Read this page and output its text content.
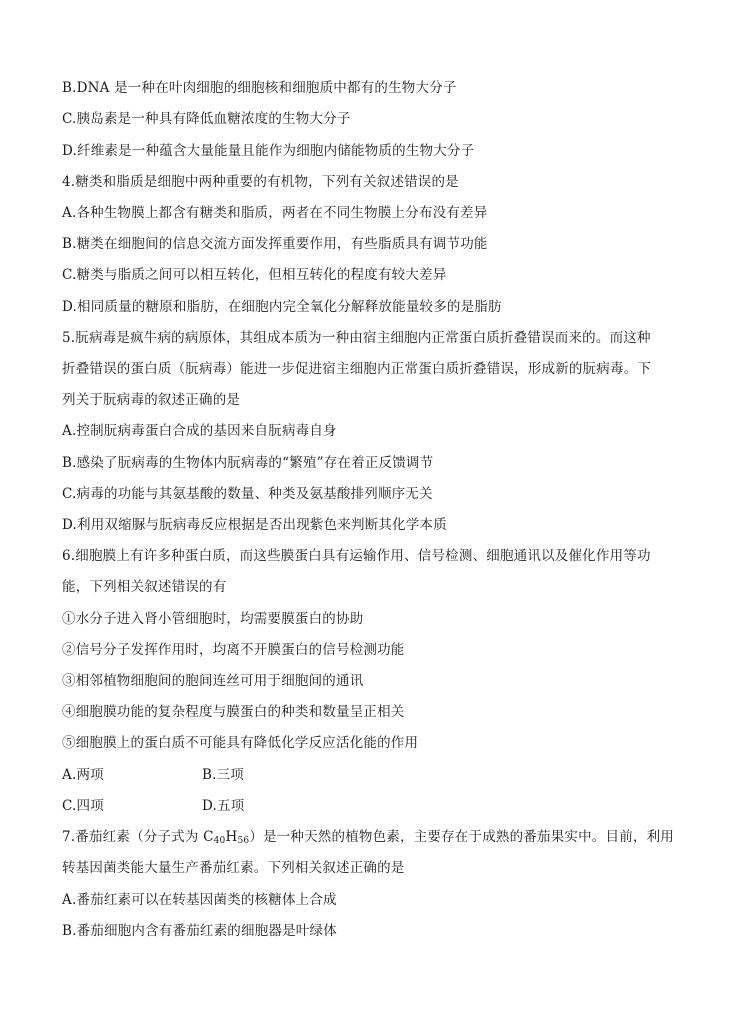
B.DNA 是一种在叶肉细胞的细胞核和细胞质中都有的生物大分子
C.胰岛素是一种具有降低血糖浓度的生物大分子
D.纤维素是一种蕴含大量能量且能作为细胞内储能物质的生物大分子
4.糖类和脂质是细胞中两种重要的有机物，下列有关叙述错误的是
A.各种生物膜上都含有糖类和脂质，两者在不同生物膜上分布没有差异
B.糖类在细胞间的信息交流方面发挥重要作用，有些脂质具有调节功能
C.糖类与脂质之间可以相互转化，但相互转化的程度有较大差异
D.相同质量的糖原和脂肪，在细胞内完全氧化分解释放能量较多的是脂肪
5.朊病毒是疯牛病的病原体，其组成本质为一种由宿主细胞内正常蛋白质折叠错误而来的。而这种
折叠错误的蛋白质（朊病毒）能进一步促进宿主细胞内正常蛋白质折叠错误，形成新的朊病毒。下
列关于朊病毒的叙述正确的是
A.控制朊病毒蛋白合成的基因来自朊病毒自身
B.感染了朊病毒的生物体内朊病毒的“繁殖”存在着正反馈调节
C.病毒的功能与其氨基酸的数量、种类及氨基酸排列顺序无关
D.利用双缩脲与朊病毒反应根据是否出现紫色来判断其化学本质
6.细胞膜上有许多种蛋白质，而这些膜蛋白具有运输作用、信号检测、细胞通讯以及催化作用等功
能，下列相关叙述错误的有
①水分子进入肾小管细胞时，均需要膜蛋白的协助
②信号分子发挥作用时，均离不开膜蛋白的信号检测功能
③相邻植物细胞间的胞间连丝可用于细胞间的通讯
④细胞膜功能的复杂程度与膜蛋白的种类和数量呈正相关
⑤细胞膜上的蛋白质不可能具有降低化学反应活化能的作用
A.两项	B.三项
C.四项	D.五项
7.番茄红素（分子式为 $C_{40}H_{56}$）是一种天然的植物色素，主要存在于成熟的番茄果实中。目前，利用
转基因菌类能大量生产番茄红素。下列相关叙述正确的是
A.番茄红素可以在转基因菌类的核糖体上合成
B.番茄细胞内含有番茄红素的细胞器是叶绿体
